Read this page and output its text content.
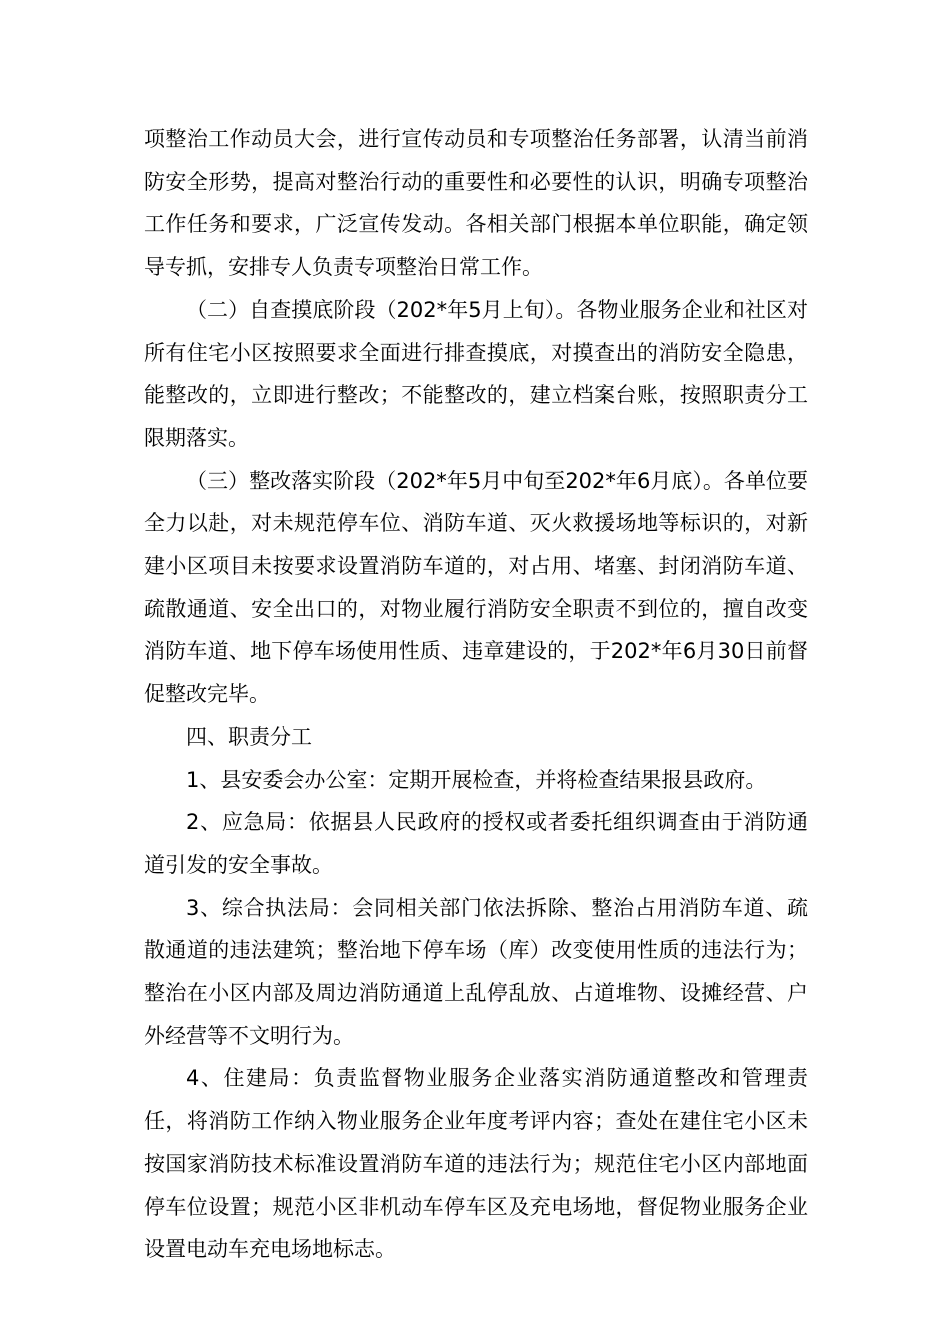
项整治工作动员大会，进行宣传动员和专项整治任务部署，认清当前消防安全形势，提高对整治行动的重要性和必要性的认识，明确专项整治工作任务和要求，广泛宣传发动。各相关部门根据本单位职能，确定领导专抓，安排专人负责专项整治日常工作。

（二）自查摸底阶段（202*年5月上旬）。各物业服务企业和社区对所有住宅小区按照要求全面进行排查摸底，对摸查出的消防安全隐患，能整改的，立即进行整改；不能整改的，建立档案台账，按照职责分工限期落实。

（三）整改落实阶段（202*年5月中旬至202*年6月底）。各单位要全力以赴，对未规范停车位、消防车道、灭火救援场地等标识的，对新建小区项目未按要求设置消防车道的，对占用、堵塞、封闭消防车道、疏散通道、安全出口的，对物业履行消防安全职责不到位的，擅自改变消防车道、地下停车场使用性质、违章建设的，于202*年6月30日前督促整改完毕。

四、职责分工

1、县安委会办公室：定期开展检查，并将检查结果报县政府。

2、应急局：依据县人民政府的授权或者委托组织调查由于消防通道引发的安全事故。

3、综合执法局：会同相关部门依法拆除、整治占用消防车道、疏散通道的违法建筑；整治地下停车场（库）改变使用性质的违法行为；整治在小区内部及周边消防通道上乱停乱放、占道堆物、设摊经营、户外经营等不文明行为。

4、住建局：负责监督物业服务企业落实消防通道整改和管理责任，将消防工作纳入物业服务企业年度考评内容；查处在建住宅小区未按国家消防技术标准设置消防车道的违法行为；规范住宅小区内部地面停车位设置；规范小区非机动车停车区及充电场地，督促物业服务企业设置电动车充电场地标志。
